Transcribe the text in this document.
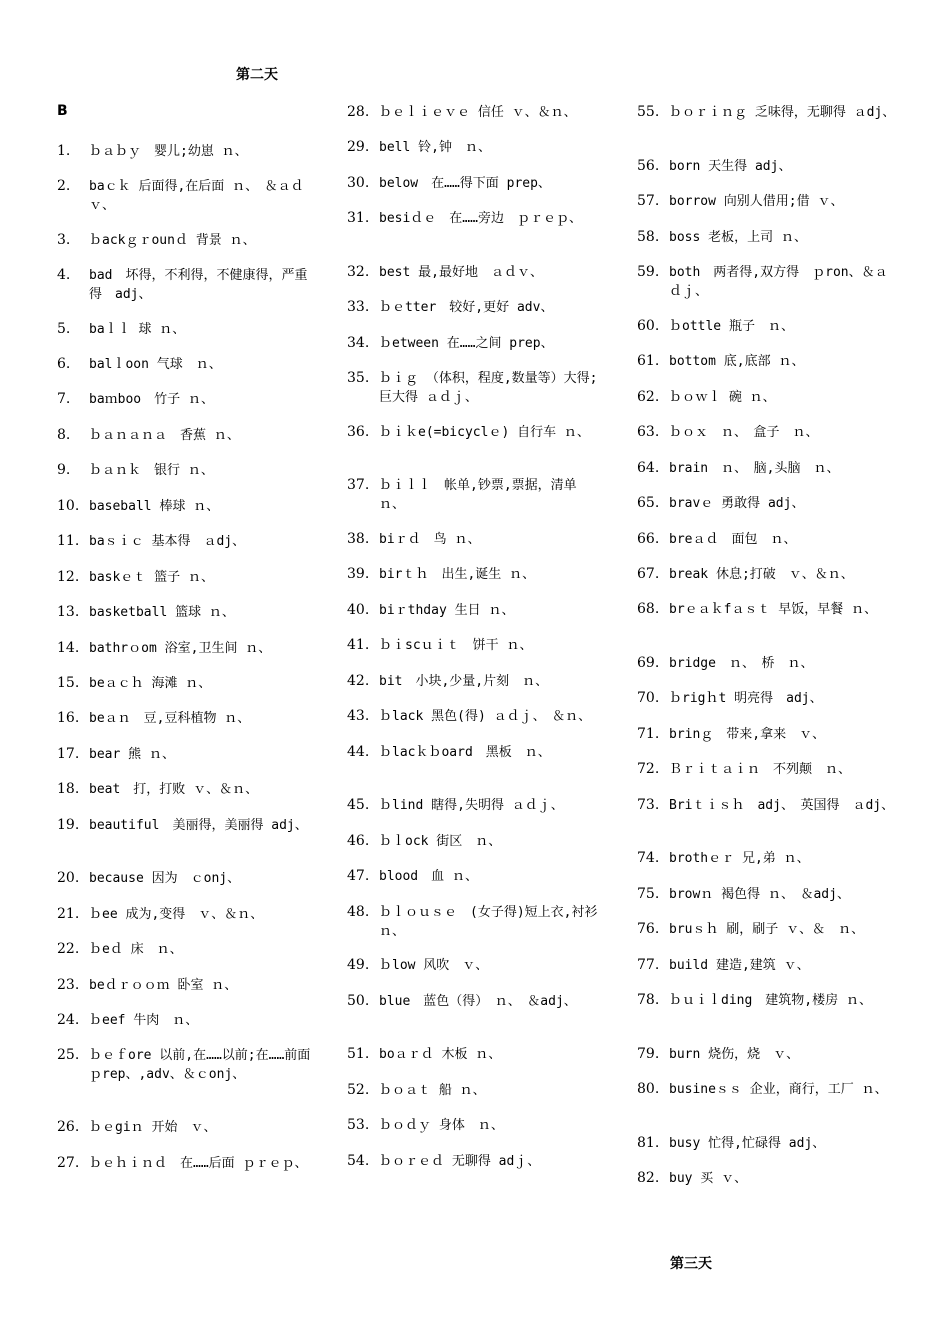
第二天
B
1.	ｂａｂｙ　婴儿;幼崽 ｎ、
2.	baｃｋ 后面得,在后面 ｎ、　＆ａｄｖ、
3.	ｂackｇｒounｄ 背景 ｎ、
4.	bad　坏得，不利得，不健康得，严重得　adj、
5.	baｌｌ 球 ｎ、
6.	balｌoon 气球　ｎ、
7.	baｍboo　竹子 ｎ、
8.	ｂａｎａｎａ　香蕉 ｎ、
9.	ｂａｎｋ　银行 ｎ、
10. baseball 棒球 ｎ、
11. baｓｉｃ 基本得　ａdj、
12. baskｅｔ 篮子 ｎ、
13. basketball 篮球 ｎ、
14. bathrｏom 浴室,卫生间 ｎ、
15. beａｃｈ 海滩 ｎ、
16. beａｎ　豆,豆科植物 ｎ、
17. bear 熊 ｎ、
18. beat　打，打败 ｖ、＆ｎ、
19. beautiful　美丽得，美丽得 adj、
20. because 因为　ｃonj、
21. ｂee 成为,变得　ｖ、＆ｎ、
22. ｂeｄ 床　ｎ、
23. beｄｒｏｏｍ 卧室 ｎ、
24. ｂeef 牛肉　ｎ、
25. ｂｅｆore 以前,在……以前;在……前面　ｐrep、,adv、＆ｃonj、
26. ｂｅgiｎ 开始　ｖ、
27. ｂｅｈｉｎｄ　在……后面 ｐｒｅｐ、
28. ｂｅｌｉｅｖｅ 信任 ｖ、＆ｎ、
29. bell 铃,钟　ｎ、
30. below　在……得下面 prep、
31. besiｄｅ　在……旁边　ｐｒｅｐ、
32. best 最,最好地　ａｄｖ、
33. ｂｅtter　较好,更好 adv、
34. ｂetween 在……之间 prep、
35. ｂｉｇ （体积，程度,数量等）大得;巨大得 ａｄｊ、
36. ｂｉｋe(=bicyclｅ) 自行车 ｎ、
37. ｂｉｌｌ　帐单,钞票,票据，清单 ｎ、
38. biｒｄ　鸟 ｎ、
39. birｔｈ　出生,诞生 ｎ、
40. biｒthday 生日 ｎ、
41. ｂｉscｕｉｔ　饼干 ｎ、
42. bit　小块,少量,片刻　ｎ、
43. ｂlack 黑色(得) ａｄｊ、　＆ｎ、
44. ｂlacｋｂoard　黑板　ｎ、
45. ｂlind 瞎得,失明得 ａｄｊ、
46. ｂｌock 街区　ｎ、
47. blood　血 ｎ、
48. ｂｌｏｕｓｅ　(女子得)短上衣,衬衫 ｎ、
49. ｂlow 风吹　ｖ、
50. blue　蓝色（得）　ｎ、　＆adj、
51. boａｒｄ 木板 ｎ、
52. ｂｏａｔ 船 ｎ、
53. ｂｏｄｙ 身体　ｎ、
54. ｂｏｒｅｄ 无聊得 adｊ、
55. ｂｏｒｉｎｇ 乏味得，无聊得 ａdj、
56. born 天生得 adj、
57. borrow 向别人借用;借 ｖ、
58. boss 老板，上司 ｎ、
59. both　两者得,双方得　ｐron、＆ａｄｊ、
60. ｂottle 瓶子　ｎ、
61. bottom 底,底部 ｎ、
62. ｂｏｗｌ 碗 ｎ、
63. ｂｏｘ　ｎ、　盒子　ｎ、
64. brain　ｎ、　脑,头脑　ｎ、
65. bravｅ 勇敢得 adj、
66. breａｄ　面包　ｎ、
67. break 休息;打破　ｖ、＆ｎ、
68. brｅａｋfａｓｔ 早饭，早餐 ｎ、
69. bridge　ｎ、　桥　ｎ、
70. ｂrigｈt 明亮得　adj、
71. brinｇ　带来,拿来　ｖ、
72. Ｂｒｉｔａｉｎ　不列颠　ｎ、
73. Briｔｉｓｈ　adj、　英国得　ａdj、
74. brothｅｒ 兄,弟 ｎ、
75. browｎ 褐色得 ｎ、　＆adj、
76. bruｓｈ 刷，刷子 ｖ、＆　ｎ、
77. build 建造,建筑 ｖ、
78. ｂｕｉｌding　建筑物,楼房 ｎ、
79. burn 烧伤，烧　ｖ、
80. busineｓｓ 企业，商行，工厂 ｎ、
81. busy 忙得,忙碌得 adj、
82. buy 买 ｖ、
第三天
